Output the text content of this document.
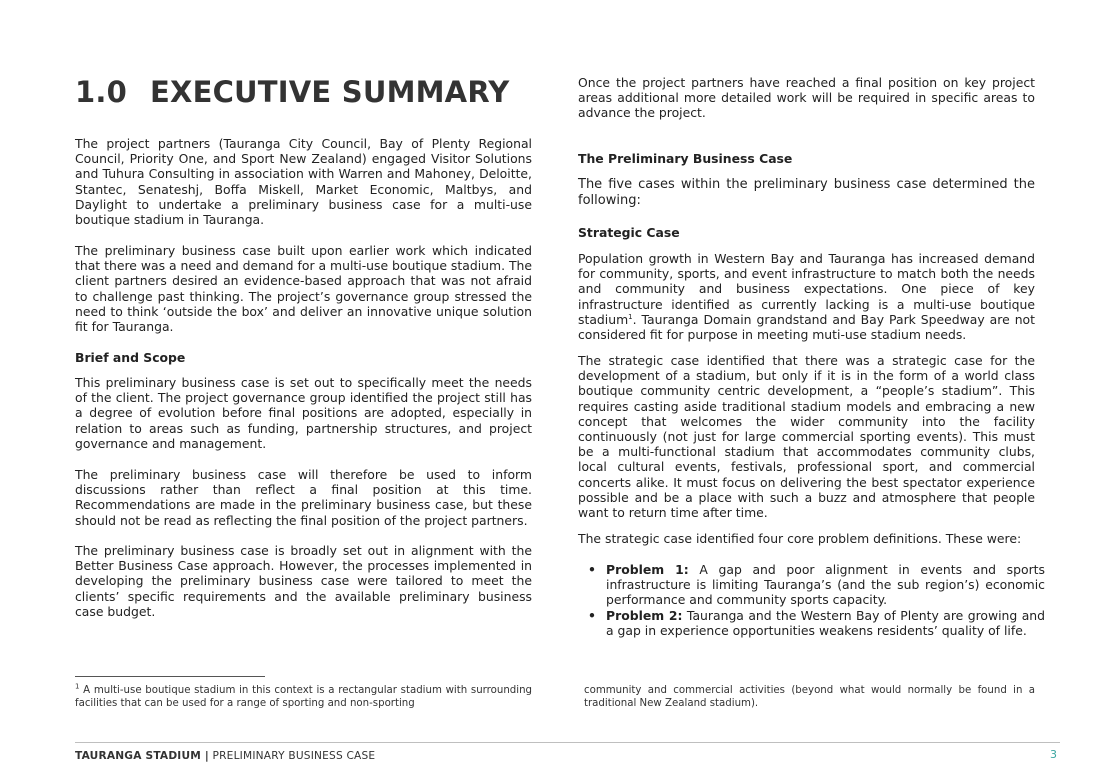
1.0 EXECUTIVE SUMMARY

The project partners (Tauranga City Council, Bay of Plenty Regional Council, Priority One, and Sport New Zealand) engaged Visitor Solutions and Tuhura Consulting in association with Warren and Mahoney, Deloitte, Stantec, Senateshj, Boffa Miskell, Market Economic, Maltbys, and Daylight to undertake a preliminary business case for a multi-use boutique stadium in Tauranga.

The preliminary business case built upon earlier work which indicated that there was a need and demand for a multi-use boutique stadium. The client partners desired an evidence-based approach that was not afraid to challenge past thinking. The project’s governance group stressed the need to think ‘outside the box’ and deliver an innovative unique solution fit for Tauranga.

Brief and Scope

This preliminary business case is set out to specifically meet the needs of the client. The project governance group identified the project still has a degree of evolution before final positions are adopted, especially in relation to areas such as funding, partnership structures, and project governance and management.

The preliminary business case will therefore be used to inform discussions rather than reflect a final position at this time. Recommendations are made in the preliminary business case, but these should not be read as reflecting the final position of the project partners.

The preliminary business case is broadly set out in alignment with the Better Business Case approach. However, the processes implemented in developing the preliminary business case were tailored to meet the clients’ specific requirements and the available preliminary business case budget.

Once the project partners have reached a final position on key project areas additional more detailed work will be required in specific areas to advance the project.

The Preliminary Business Case

The five cases within the preliminary business case determined the following:

Strategic Case

Population growth in Western Bay and Tauranga has increased demand for community, sports, and event infrastructure to match both the needs and community and business expectations. One piece of key infrastructure identified as currently lacking is a multi-use boutique stadium$^1$. Tauranga Domain grandstand and Bay Park Speedway are not considered fit for purpose in meeting muti-use stadium needs.

The strategic case identified that there was a strategic case for the development of a stadium, but only if it is in the form of a world class boutique community centric development, a “people’s stadium”. This requires casting aside traditional stadium models and embracing a new concept that welcomes the wider community into the facility continuously (not just for large commercial sporting events). This must be a multi-functional stadium that accommodates community clubs, local cultural events, festivals, professional sport, and commercial concerts alike. It must focus on delivering the best spectator experience possible and be a place with such a buzz and atmosphere that people want to return time after time.

The strategic case identified four core problem definitions. These were:

• Problem 1: A gap and poor alignment in events and sports infrastructure is limiting Tauranga’s (and the sub region’s) economic performance and community sports capacity.
• Problem 2: Tauranga and the Western Bay of Plenty are growing and a gap in experience opportunities weakens residents’ quality of life.

$^1$ A multi-use boutique stadium in this context is a rectangular stadium with surrounding facilities that can be used for a range of sporting and non-sporting

community and commercial activities (beyond what would normally be found in a traditional New Zealand stadium).

TAURANGA STADIUM | PRELIMINARY BUSINESS CASE	3
